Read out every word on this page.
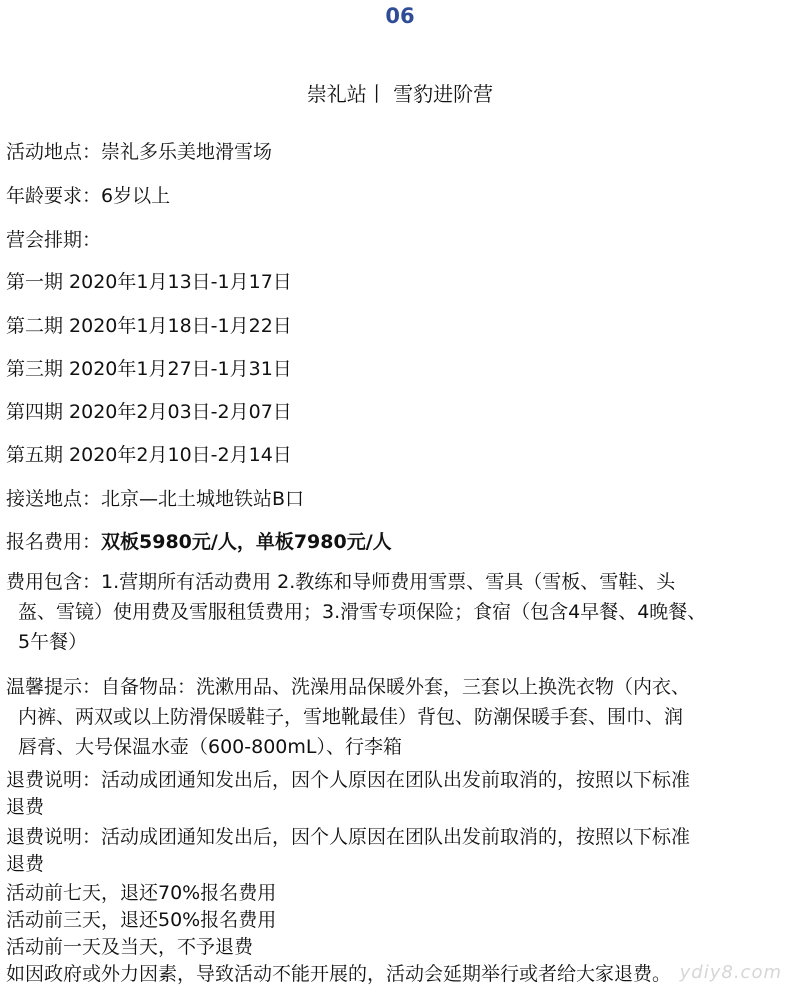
06
崇礼站丨 雪豹进阶营
活动地点：崇礼多乐美地滑雪场
年龄要求：6岁以上
营会排期：
第一期 2020年1月13日-1月17日
第二期 2020年1月18日-1月22日
第三期 2020年1月27日-1月31日
第四期 2020年2月03日-2月07日
第五期 2020年2月10日-2月14日
接送地点：北京—北土城地铁站B口
报名费用：双板5980元/人，单板7980元/人
费用包含：1.营期所有活动费用 2.教练和导师费用雪票、雪具（雪板、雪鞋、头
盔、雪镜）使用费及雪服租赁费用；3.滑雪专项保险；食宿（包含4早餐、4晚餐、
5午餐）
温馨提示：自备物品：洗漱用品、洗澡用品保暖外套，三套以上换洗衣物（内衣、
内裤、两双或以上防滑保暖鞋子，雪地靴最佳）背包、防潮保暖手套、围巾、润
唇膏、大号保温水壶（600-800mL）、行李箱
退费说明：活动成团通知发出后，因个人原因在团队出发前取消的，按照以下标准
退费
退费说明：活动成团通知发出后，因个人原因在团队出发前取消的，按照以下标准
退费
活动前七天，退还70%报名费用
活动前三天，退还50%报名费用
活动前一天及当天，不予退费
如因政府或外力因素，导致活动不能开展的，活动会延期举行或者给大家退费。 ydiy8.com
